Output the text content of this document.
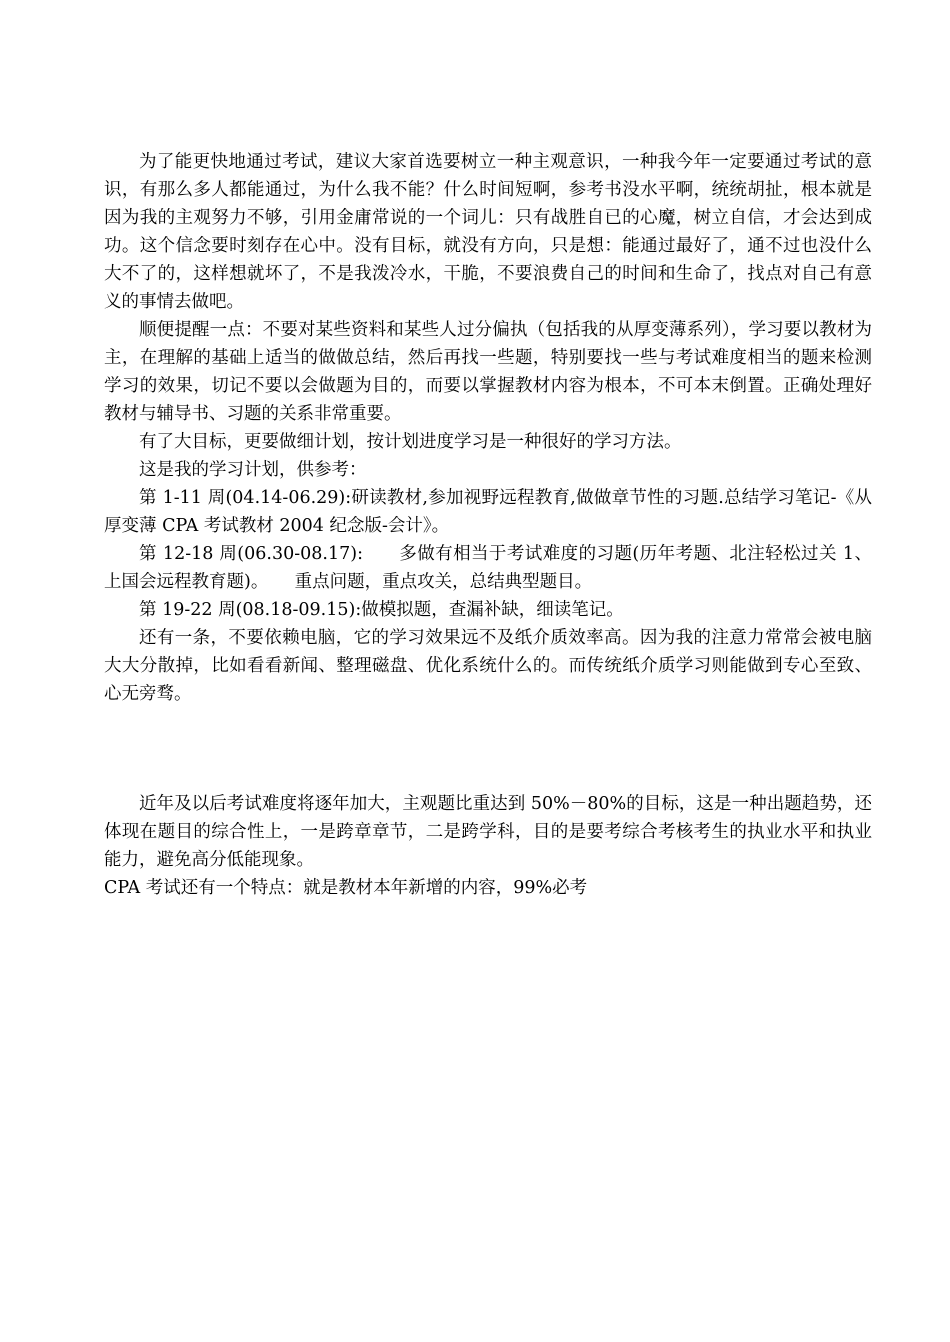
为了能更快地通过考试，建议大家首选要树立一种主观意识，一种我今年一定要通过考试的意识，有那么多人都能通过，为什么我不能？什么时间短啊，参考书没水平啊，统统胡扯，根本就是因为我的主观努力不够，引用金庸常说的一个词儿：只有战胜自已的心魔，树立自信，才会达到成功。这个信念要时刻存在心中。没有目标，就没有方向，只是想：能通过最好了，通不过也没什么大不了的，这样想就坏了，不是我泼冷水，干脆，不要浪费自己的时间和生命了，找点对自己有意义的事情去做吧。

顺便提醒一点：不要对某些资料和某些人过分偏执（包括我的从厚变薄系列），学习要以教材为主，在理解的基础上适当的做做总结，然后再找一些题，特别要找一些与考试难度相当的题来检测学习的效果，切记不要以会做题为目的，而要以掌握教材内容为根本，不可本末倒置。正确处理好教材与辅导书、习题的关系非常重要。

有了大目标，更要做细计划，按计划进度学习是一种很好的学习方法。

这是我的学习计划，供参考：

第 1-11 周(04.14-06.29):研读教材,参加视野远程教育,做做章节性的习题.总结学习笔记-《从厚变薄 CPA 考试教材 2004 纪念版-会计》。

第 12-18 周(06.30-08.17):　　多做有相当于考试难度的习题(历年考题、北注轻松过关 1、上国会远程教育题)。　　重点问题，重点攻关，总结典型题目。

第 19-22 周(08.18-09.15):做模拟题，查漏补缺，细读笔记。

还有一条，不要依赖电脑，它的学习效果远不及纸介质效率高。因为我的注意力常常会被电脑大大分散掉，比如看看新闻、整理磁盘、优化系统什么的。而传统纸介质学习则能做到专心至致、心无旁骛。

近年及以后考试难度将逐年加大，主观题比重达到 50%－80%的目标，这是一种出题趋势，还体现在题目的综合性上，一是跨章章节，二是跨学科，目的是要考综合考核考生的执业水平和执业能力，避免高分低能现象。

CPA 考试还有一个特点：就是教材本年新增的内容，99%必考
